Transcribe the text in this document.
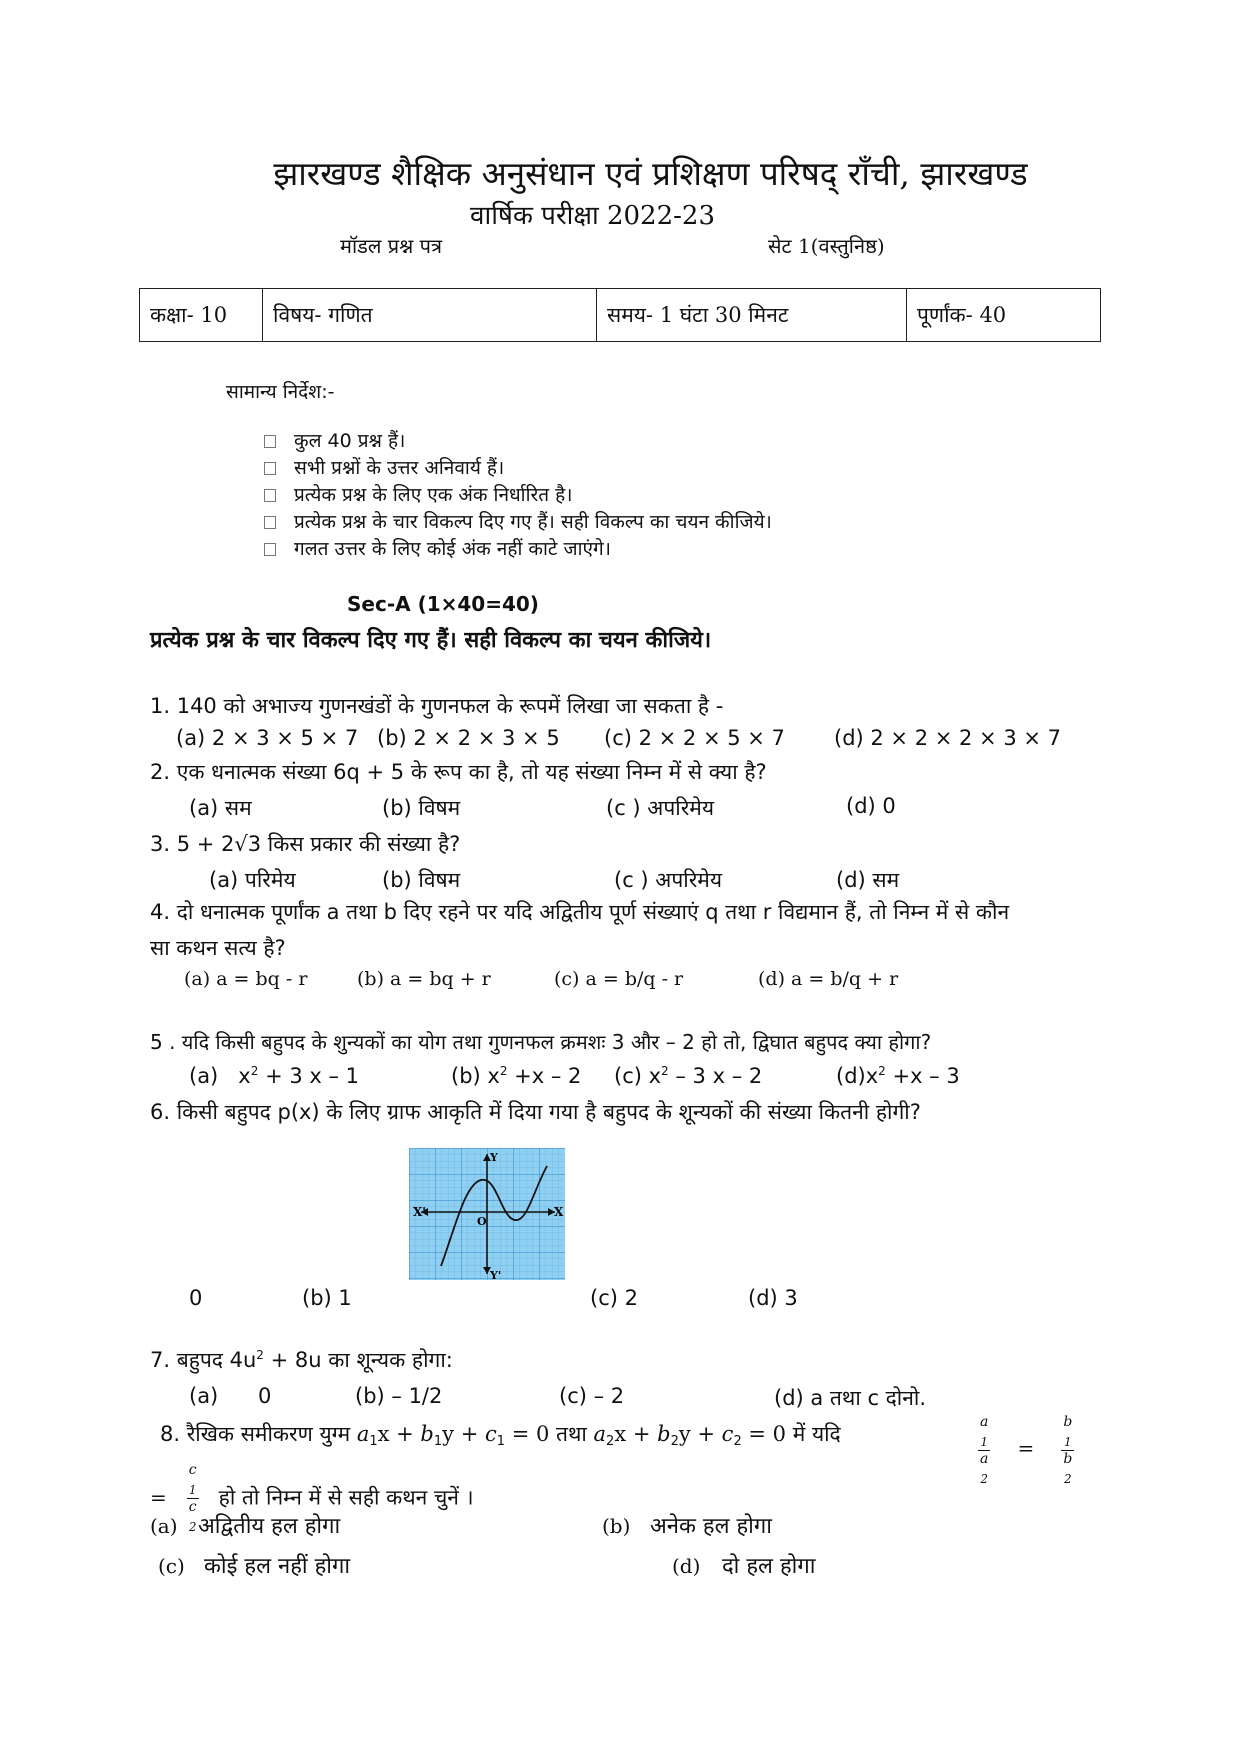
झारखण्ड शैक्षिक अनुसंधान एवं प्रशिक्षण परिषद् राँची, झारखण्ड
वार्षिक परीक्षा 2022-23
मॉडल प्रश्न पत्र	सेट 1(वस्तुनिष्ठ)
कक्षा- 10	विषय- गणित	समय- 1 घंटा 30 मिनट	पूर्णांक- 40
सामान्य निर्देश:-
कुल 40 प्रश्न हैं।
सभी प्रश्नों के उत्तर अनिवार्य हैं।
प्रत्येक प्रश्न के लिए एक अंक निर्धारित है।
प्रत्येक प्रश्न के चार विकल्प दिए गए हैं। सही विकल्प का चयन कीजिये।
गलत उत्तर के लिए कोई अंक नहीं काटे जाएंगे।
Sec-A (1×40=40)
प्रत्येक प्रश्न के चार विकल्प दिए गए हैं। सही विकल्प का चयन कीजिये।
1. 140 को अभाज्य गुणनखंडों के गुणनफल के रूपमें लिखा जा सकता है -
(a) 2 × 3 × 5 × 7 (b) 2 × 2 × 3 × 5 (c) 2 × 2 × 5 × 7 (d) 2 × 2 × 2 × 3 × 7
2. एक धनात्मक संख्या 6q + 5 के रूप का है, तो यह संख्या निम्न में से क्या है?
(a) सम	(b) विषम	(c ) अपरिमेय	(d) 0
3. 5 + 2√3 किस प्रकार की संख्या है?
(a) परिमेय	(b) विषम	(c ) अपरिमेय	(d) सम
4. दो धनात्मक पूर्णांक a तथा b दिए रहने पर यदि अद्वितीय पूर्ण संख्याएं q तथा r विद्यमान हैं, तो निम्न में से कौन
सा कथन सत्य है?
(a) a = bq - r	(b) a = bq + r	(c) a = b/q - r	(d) a = b/q + r
5 . यदि किसी बहुपद के शुन्यकों का योग तथा गुणनफल क्रमशः 3 और – 2 हो तो, द्विघात बहुपद क्या होगा?
(a) $x^2 + 3$ x – 1	(b) $x^2 +x - 2$ (c) $x^2 - 3$ x – 2	$(d)x^2 +x - 3$
6. किसी बहुपद p(x) के लिए ग्राफ आकृति में दिया गया है बहुपद के शून्यकों की संख्या कितनी होगी?
X'	X
Y
Y'
O
0	(b) 1	(c) 2	(d) 3
7. बहुपद $4u^2 + 8u$ का शून्यक होगा:
(a) 0	(b) – 1/2	(c) – 2	(d) a तथा c दोनो.
8. रैखिक समीकरण युग्म $a_1x + b_1y + c_1 = 0$ तथा $a_2x + b_2y + c_2 = 0$ में यदि	a
$_1$
a
$_2$ = b
$_1$
b
$_2$
= c
$_1$
c
$_2$ हो तो निम्न में से सही कथन चुनें ।
(a) अद्वितीय हल होगा	(b) अनेक हल होगा
(c) कोई हल नहीं होगा	(d) दो हल होगा
